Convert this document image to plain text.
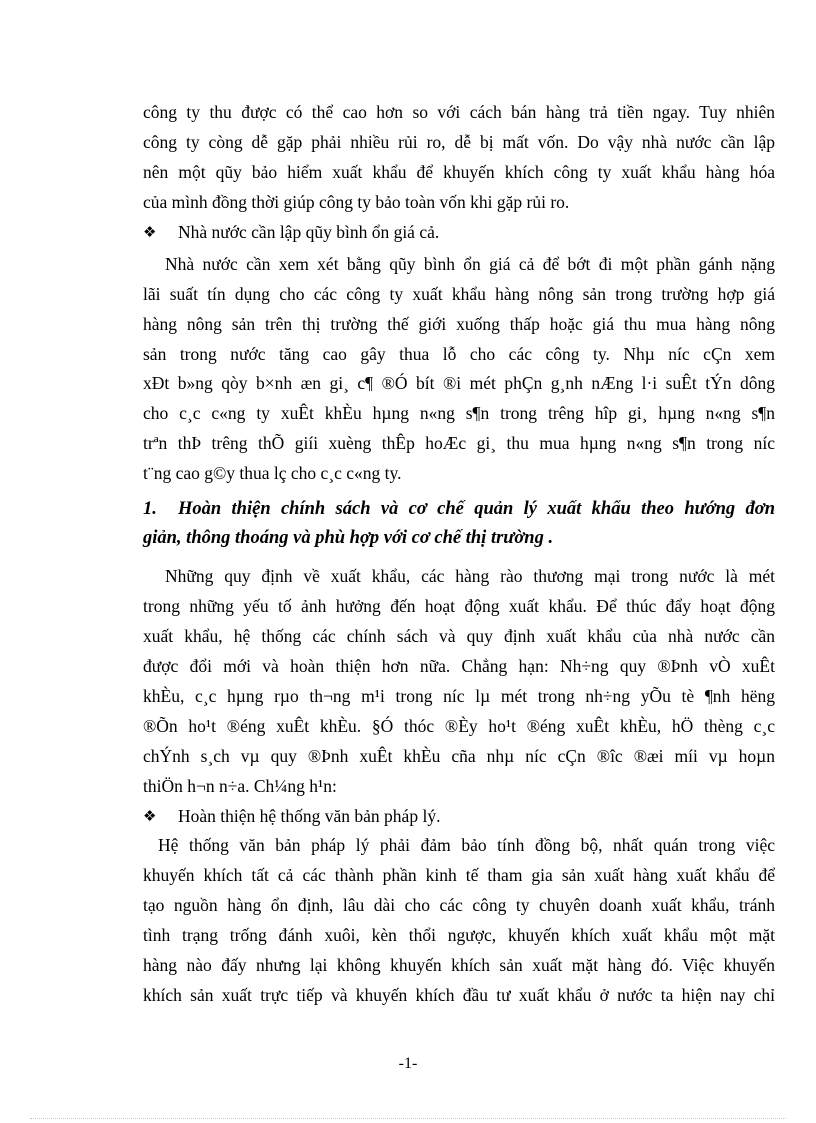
công ty thu được có thể cao hơn so với cách bán hàng trả tiền ngay. Tuy nhiên
công ty còng dễ gặp phải nhiều rủi ro, dễ bị mất vốn. Do vậy nhà nước cần lập
nên một qũy bảo hiểm xuất khẩu để khuyến khích công ty xuất khẩu hàng hóa
của mình đồng thời giúp công ty bảo toàn vốn khi gặp rủi ro.
❖ Nhà nước cần lập qũy bình ổn giá cả.
Nhà nước cần xem xét bằng qũy bình ổn giá cả để bớt đi một phần gánh nặng
lãi suất tín dụng cho các công ty xuất khẩu hàng nông sản trong trường hợp giá
hàng nông sản trên thị trường thế giới xuống thấp hoặc giá thu mua hàng nông
sản trong nước tăng cao gây thua lỗ cho các công ty. Nhµ níc cÇn xem
xÐt b»ng qòy b×nh æn gi¸ c¶ ®Ó bít ®i mét phÇn g¸nh nÆng l·i suÊt tÝn dông
cho c¸c c«ng ty xuÊt khÈu hµng n«ng s¶n trong trêng hîp gi¸ hµng n«ng s¶n
trªn thÞ trêng thÕ giíi xuèng thÊp hoÆc gi¸ thu mua hµng n«ng s¶n trong níc
t¨ng cao g©y thua lç cho c¸c c«ng ty.
1. Hoàn thiện chính sách và cơ chế quản lý xuất khẩu theo hướng đơn
giản, thông thoáng và phù hợp với cơ chế thị trường .
Những quy định về xuất khẩu, các hàng rào thương mại trong nước là mét
trong những yếu tố ảnh hưởng đến hoạt động xuất khẩu. Để thúc đẩy hoạt động
xuất khẩu, hệ thống các chính sách và quy định xuất khẩu của nhà nước cần
được đổi mới và hoàn thiện hơn nữa. Chẳng hạn: Nh÷ng quy ®Þnh vÒ xuÊt
khÈu, c¸c hµng rµo th¬ng m¹i trong níc lµ mét trong nh÷ng yÕu tè ¶nh hëng
®Õn ho¹t ®éng xuÊt khÈu. §Ó thóc ®Èy ho¹t ®éng xuÊt khÈu, hÖ thèng c¸c
chÝnh s¸ch vµ quy ®Þnh xuÊt khÈu cña nhµ níc cÇn ®îc ®æi míi vµ hoµn
thiÖn h¬n n÷a. Ch¼ng h¹n:
❖ Hoàn thiện hệ thống văn bản pháp lý.
Hệ thống văn bản pháp lý phải đảm bảo tính đồng bộ, nhất quán trong việc
khuyến khích tất cả các thành phần kinh tế tham gia sản xuất hàng xuất khẩu để
tạo nguồn hàng ổn định, lâu dài cho các công ty chuyên doanh xuất khẩu, tránh
tình trạng trống đánh xuôi, kèn thổi ngược, khuyến khích xuất khẩu một mặt
hàng nào đấy nhưng lại không khuyến khích sản xuất mặt hàng đó. Việc khuyến
khích sản xuất trực tiếp và khuyến khích đầu tư xuất khẩu ở nước ta hiện nay chỉ
-1-
